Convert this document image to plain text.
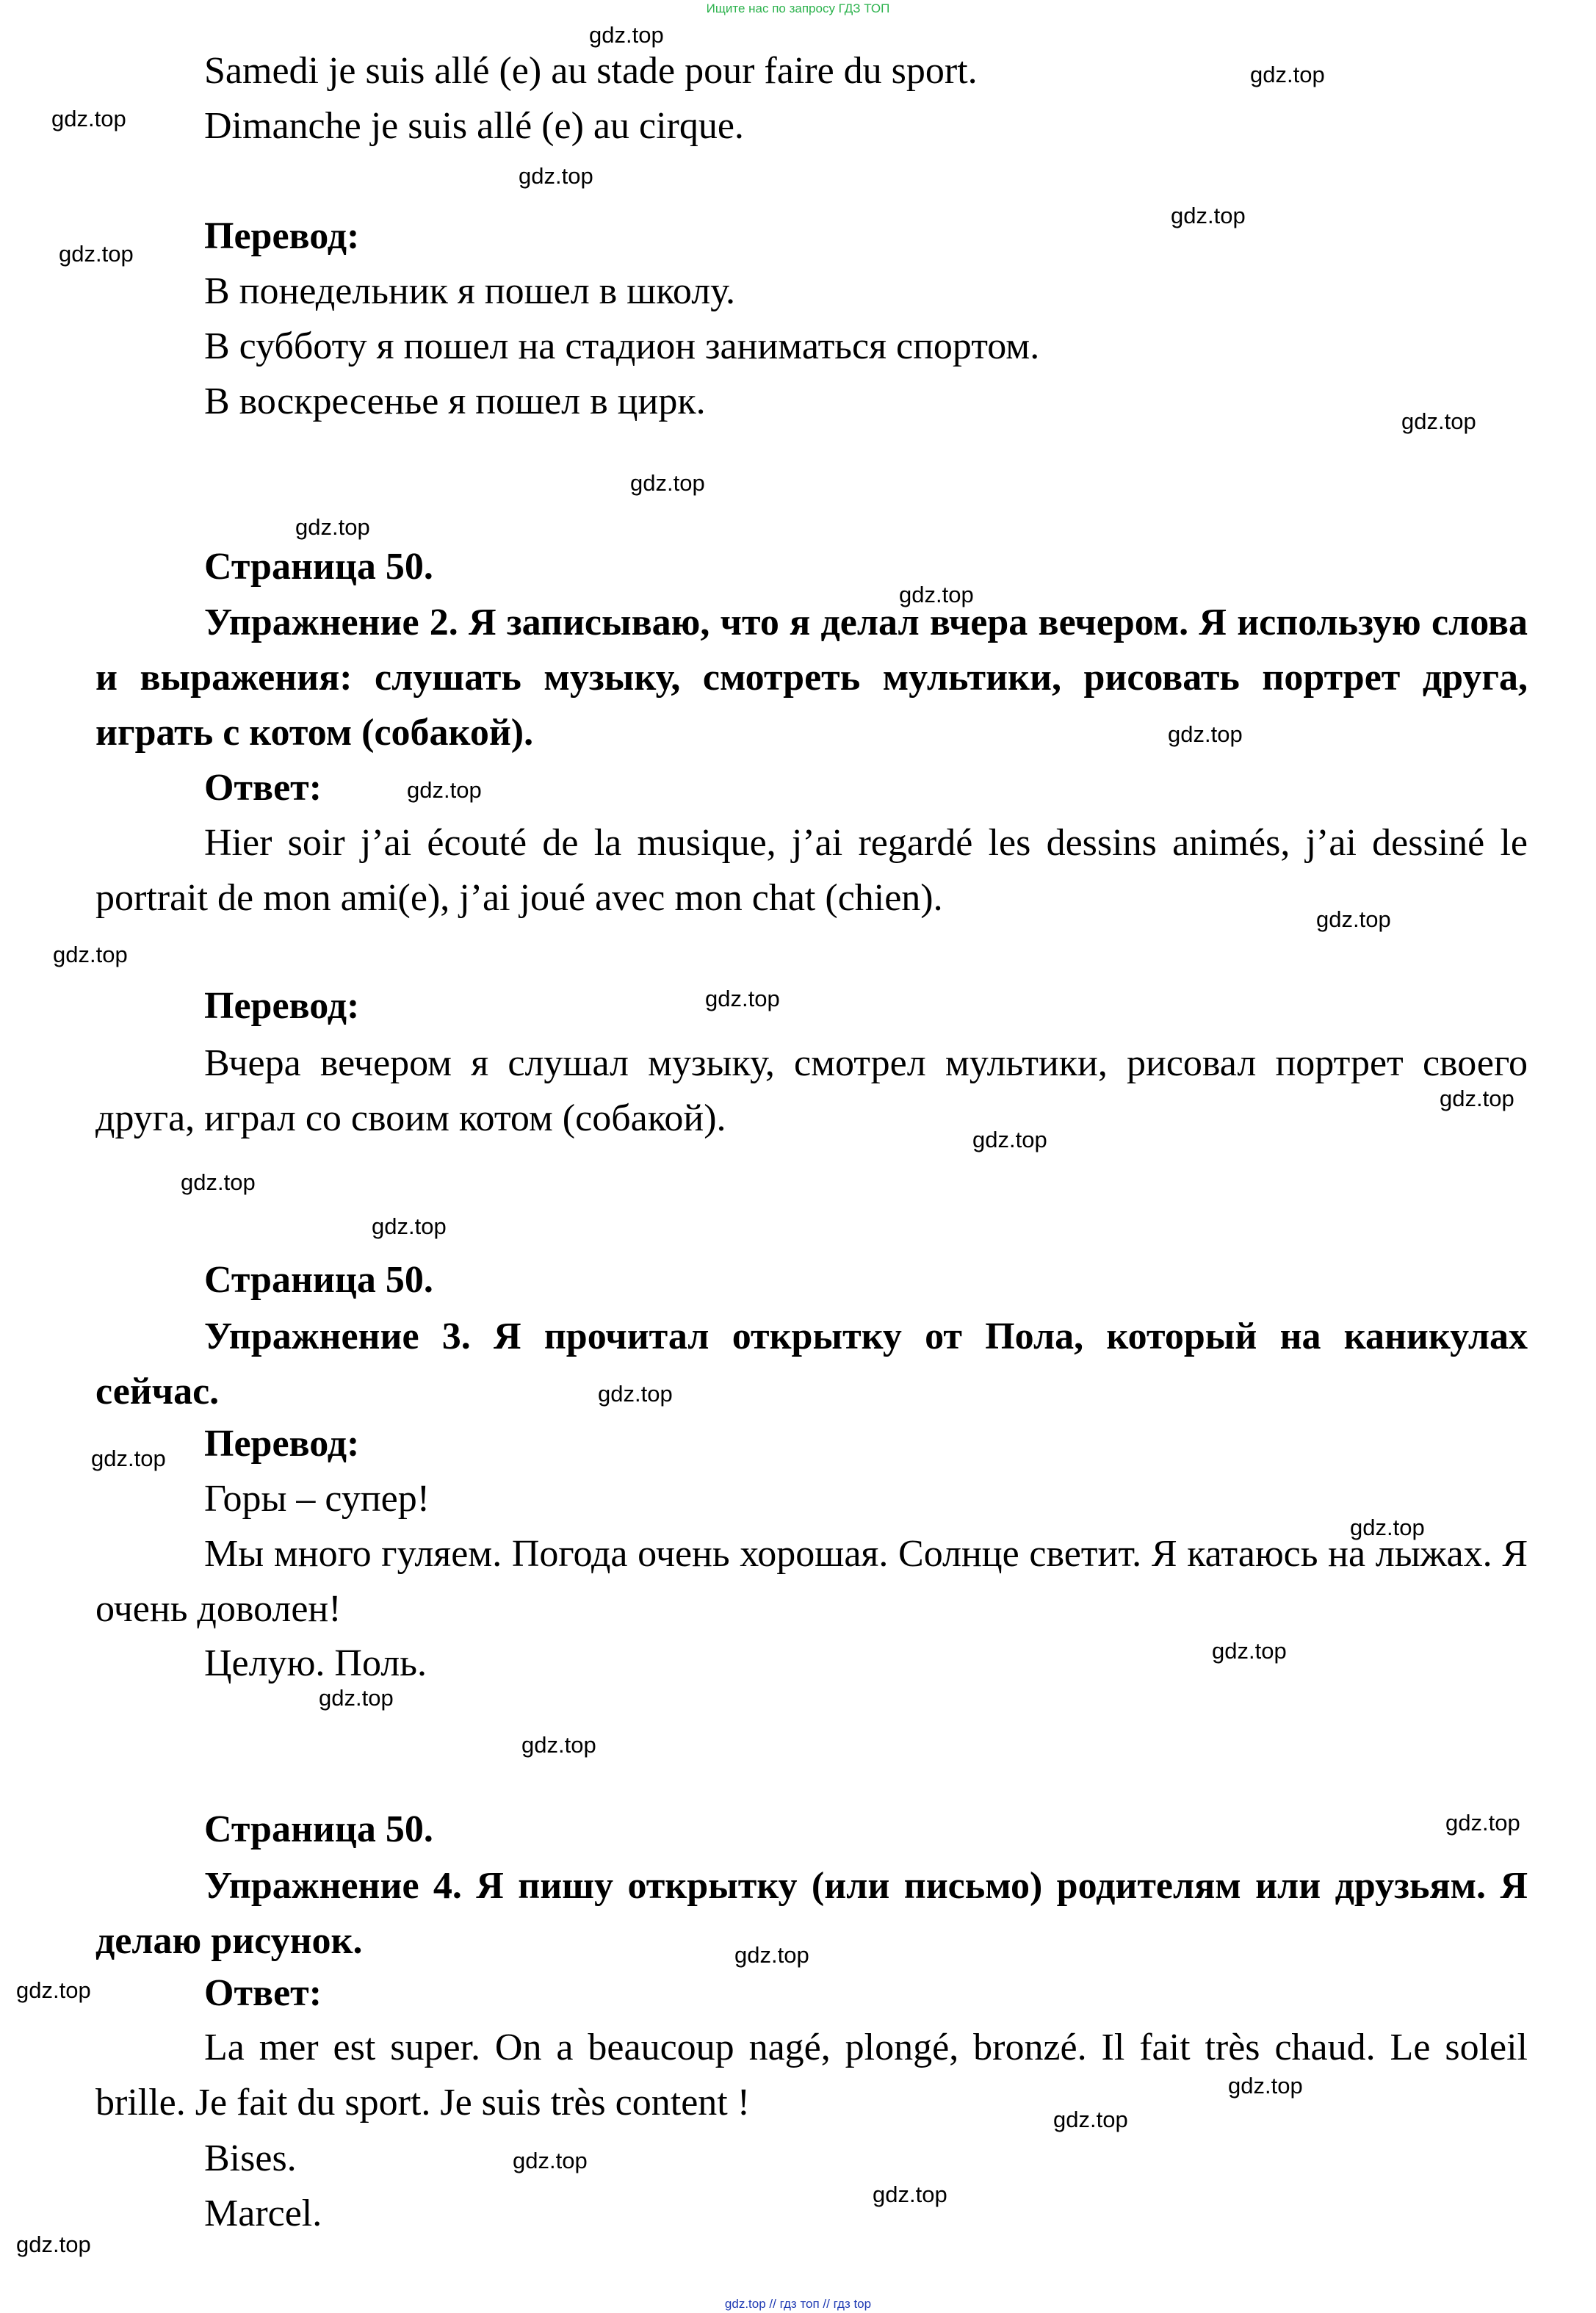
Ищите нас по запросу ГДЗ ТОП
Samedi je suis allé (e) au stade pour faire du sport.
Dimanche je suis allé (e) au cirque.
Перевод:
В понедельник я пошел в школу.
В субботу я пошел на стадион заниматься спортом.
В воскресенье я пошел в цирк.
Страница 50.
Упражнение 2. Я записываю, что я делал вчера вечером. Я использую слова и выражения: слушать музыку, смотреть мультики, рисовать портрет друга, играть с котом (собакой).
Ответ:
Hier soir j’ai écouté de la musique, j’ai regardé les dessins animés, j’ai dessiné le portrait de mon ami(e), j’ai joué avec mon chat (chien).
Перевод:
Вчера вечером я слушал музыку, смотрел мультики, рисовал портрет своего друга, играл со своим котом (собакой).
Страница 50.
Упражнение 3. Я прочитал открытку от Пола, который на каникулах сейчас.
Перевод:
Горы – супер!
Мы много гуляем. Погода очень хорошая. Солнце светит. Я катаюсь на лыжах. Я очень доволен!
Целую. Поль.
Страница 50.
Упражнение 4. Я пишу открытку (или письмо) родителям или друзьям. Я делаю рисунок.
Ответ:
La mer est super. On a beaucoup nagé, plongé, bronzé. Il fait très chaud. Le soleil brille. Je fait du sport. Je suis très content !
Bises.
Marcel.
gdz.top
gdz.top
gdz.top
gdz.top
gdz.top
gdz.top
gdz.top
gdz.top
gdz.top
gdz.top
gdz.top
gdz.top
gdz.top
gdz.top
gdz.top
gdz.top
gdz.top
gdz.top
gdz.top
gdz.top
gdz.top
gdz.top
gdz.top
gdz.top
gdz.top
gdz.top
gdz.top
gdz.top
gdz.top
gdz.top
gdz.top
gdz.top
gdz.top
gdz.top // гдз топ // гдз top
